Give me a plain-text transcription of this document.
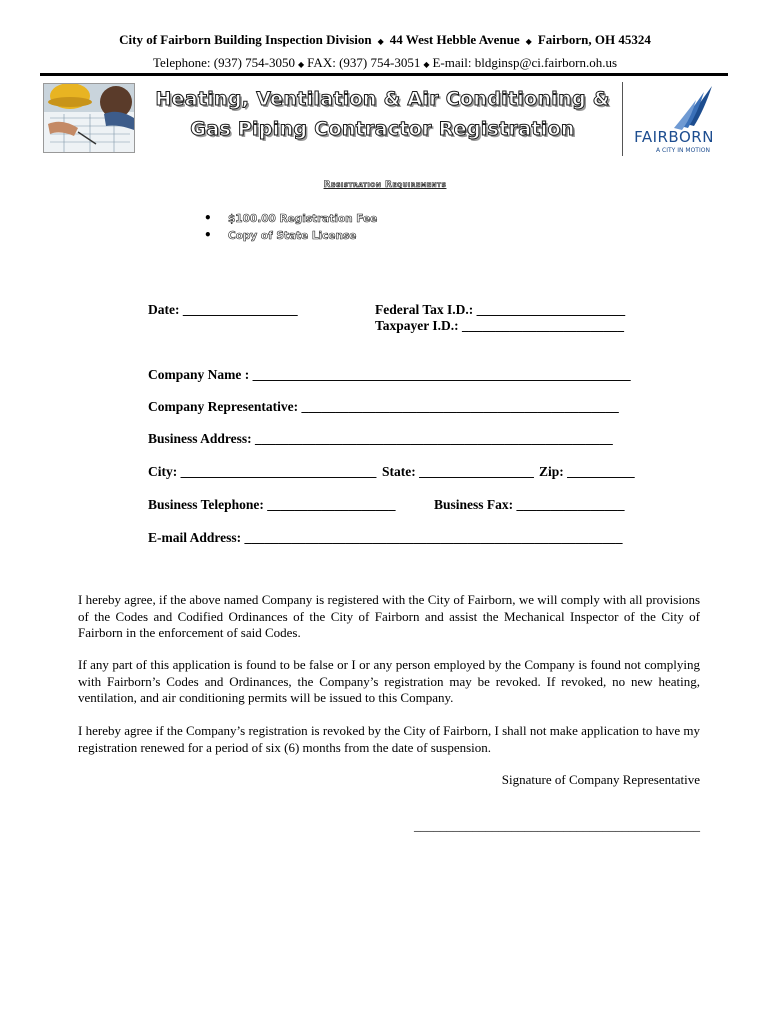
City of Fairborn Building Inspection Division ◆ 44 West Hebble Avenue ◆ Fairborn, OH 45324
Telephone: (937) 754-3050 ◆ FAX: (937) 754-3051 ◆ E-mail: bldginsp@ci.fairborn.oh.us
Heating, Ventilation & Air Conditioning &
Gas Piping Contractor Registration	FAIRBORN
A CITY IN MOTION
Registration Requirements
• $100.00 Registration Fee
• Copy of State License
Date: _________________	Federal Tax I.D.: ______________________
Taxpayer I.D.: ________________________
Company Name : ________________________________________________________
Company Representative: _______________________________________________
Business Address: _____________________________________________________
City: _____________________________ State: _________________ Zip: __________
Business Telephone: ___________________	Business Fax: ________________
E-mail Address: ________________________________________________________

I hereby agree, if the above named Company is registered with the City of Fairborn, we will comply with all provisions of the Codes and Codified Ordinances of the City of Fairborn and assist the Mechanical Inspector of the City of Fairborn in the enforcement of said Codes.

If any part of this application is found to be false or I or any person employed by the Company is found not complying with Fairborn’s Codes and Ordinances, the Company’s registration may be revoked. If revoked, no new heating, ventilation, and air conditioning permits will be issued to this Company.

I hereby agree if the Company’s registration is revoked by the City of Fairborn, I shall not make application to have my registration renewed for a period of six (6) months from the date of suspension.

Signature of Company Representative
____________________________________________
